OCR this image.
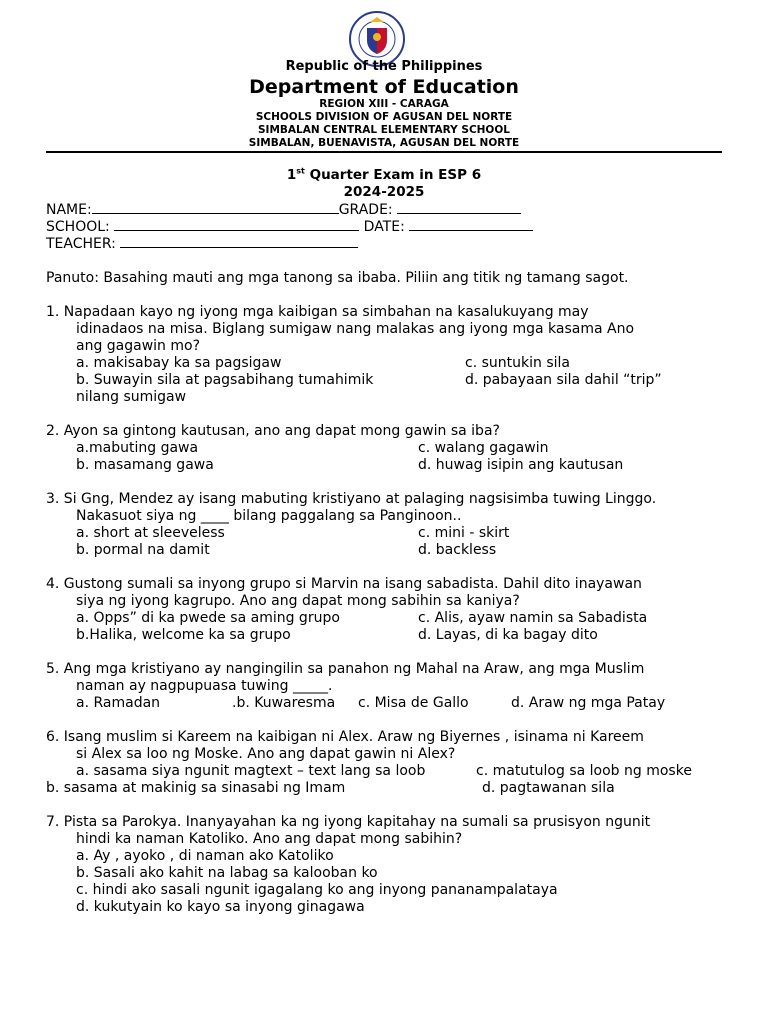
Republic of the Philippines
Department of Education
REGION XIII - CARAGA
SCHOOLS DIVISION OF AGUSAN DEL NORTE
SIMBALAN CENTRAL ELEMENTARY SCHOOL
SIMBALAN, BUENAVISTA, AGUSAN DEL NORTE
1st Quarter Exam in ESP 6
2024-2025
NAME:	GRADE:
SCHOOL:	DATE:
TEACHER:
Panuto: Basahing mauti ang mga tanong sa ibaba. Piliin ang titik ng tamang sagot.
1. Napadaan kayo ng iyong mga kaibigan sa simbahan na kasalukuyang may
idinadaos na misa. Biglang sumigaw nang malakas ang iyong mga kasama Ano
ang gagawin mo?
a. makisabay ka sa pagsigaw	c. suntukin sila
b. Suwayin sila at pagsabihang tumahimik	d. pabayaan sila dahil “trip”
nilang sumigaw
2. Ayon sa gintong kautusan, ano ang dapat mong gawin sa iba?
a.mabuting gawa	c. walang gagawin
b. masamang gawa	d. huwag isipin ang kautusan
3. Si Gng, Mendez ay isang mabuting kristiyano at palaging nagsisimba tuwing Linggo.
Nakasuot siya ng ____ bilang paggalang sa Panginoon..
a. short at sleeveless	c. mini - skirt
b. pormal na damit	d. backless
4. Gustong sumali sa inyong grupo si Marvin na isang sabadista. Dahil dito inayawan
siya ng iyong kagrupo. Ano ang dapat mong sabihin sa kaniya?
a. Opps” di ka pwede sa aming grupo	c. Alis, ayaw namin sa Sabadista
b.Halika, welcome ka sa grupo	d. Layas, di ka bagay dito
5. Ang mga kristiyano ay nangingilin sa panahon ng Mahal na Araw, ang mga Muslim
naman ay nagpupuasa tuwing _____.
a. Ramadan	.b. Kuwaresma c. Misa de Gallo	d. Araw ng mga Patay
6. Isang muslim si Kareem na kaibigan ni Alex. Araw ng Biyernes , isinama ni Kareem
si Alex sa loo ng Moske. Ano ang dapat gawin ni Alex?
a. sasama siya ngunit magtext – text lang sa loob	c. matutulog sa loob ng moske
b. sasama at makinig sa sinasabi ng Imam	d. pagtawanan sila
7. Pista sa Parokya. Inanyayahan ka ng iyong kapitahay na sumali sa prusisyon ngunit
hindi ka naman Katoliko. Ano ang dapat mong sabihin?
a. Ay , ayoko , di naman ako Katoliko
b. Sasali ako kahit na labag sa kalooban ko
c. hindi ako sasali ngunit igagalang ko ang inyong pananampalataya
d. kukutyain ko kayo sa inyong ginagawa
